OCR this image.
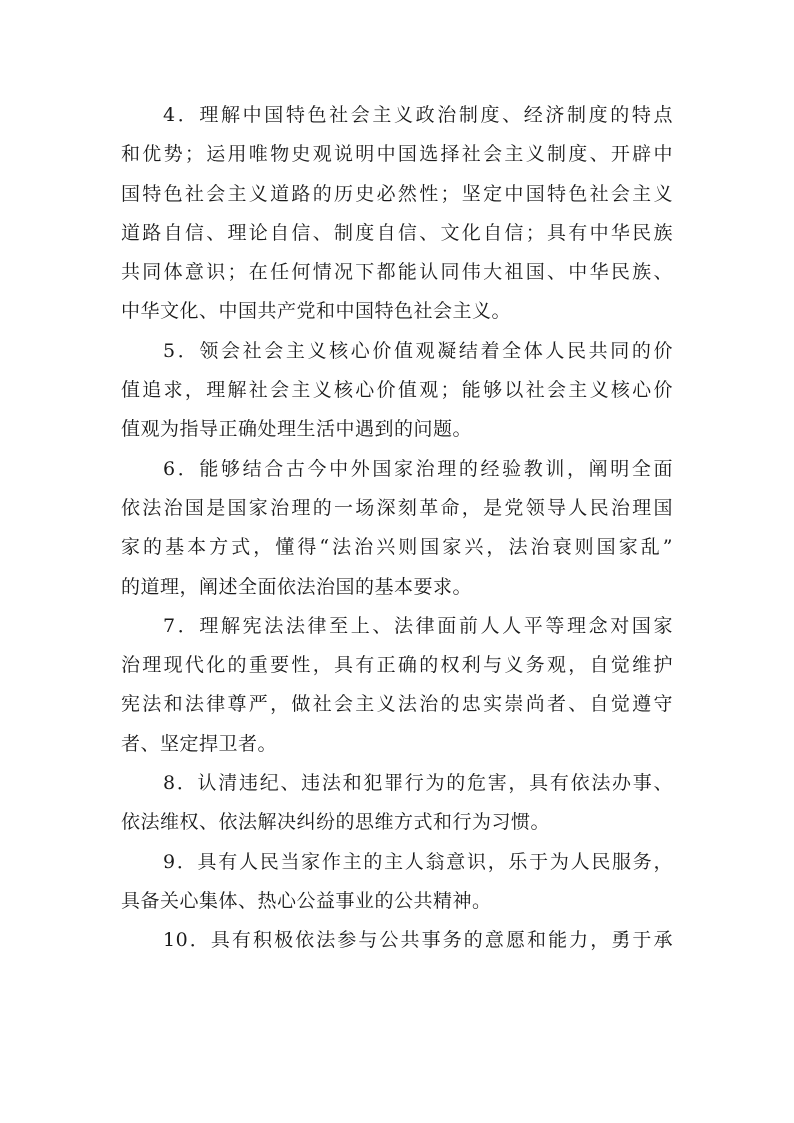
4．理解中国特色社会主义政治制度、经济制度的特点
和优势；运用唯物史观说明中国选择社会主义制度、开辟中
国特色社会主义道路的历史必然性；坚定中国特色社会主义
道路自信、理论自信、制度自信、文化自信；具有中华民族
共同体意识；在任何情况下都能认同伟大祖国、中华民族、
中华文化、中国共产党和中国特色社会主义。
5．领会社会主义核心价值观凝结着全体人民共同的价
值追求，理解社会主义核心价值观；能够以社会主义核心价
值观为指导正确处理生活中遇到的问题。
6．能够结合古今中外国家治理的经验教训，阐明全面
依法治国是国家治理的一场深刻革命，是党领导人民治理国
家的基本方式，懂得“法治兴则国家兴，法治衰则国家乱”
的道理，阐述全面依法治国的基本要求。
7．理解宪法法律至上、法律面前人人平等理念对国家
治理现代化的重要性，具有正确的权利与义务观，自觉维护
宪法和法律尊严，做社会主义法治的忠实崇尚者、自觉遵守
者、坚定捍卫者。
8．认清违纪、违法和犯罪行为的危害，具有依法办事、
依法维权、依法解决纠纷的思维方式和行为习惯。
9．具有人民当家作主的主人翁意识，乐于为人民服务，
具备关心集体、热心公益事业的公共精神。
10．具有积极依法参与公共事务的意愿和能力，勇于承
